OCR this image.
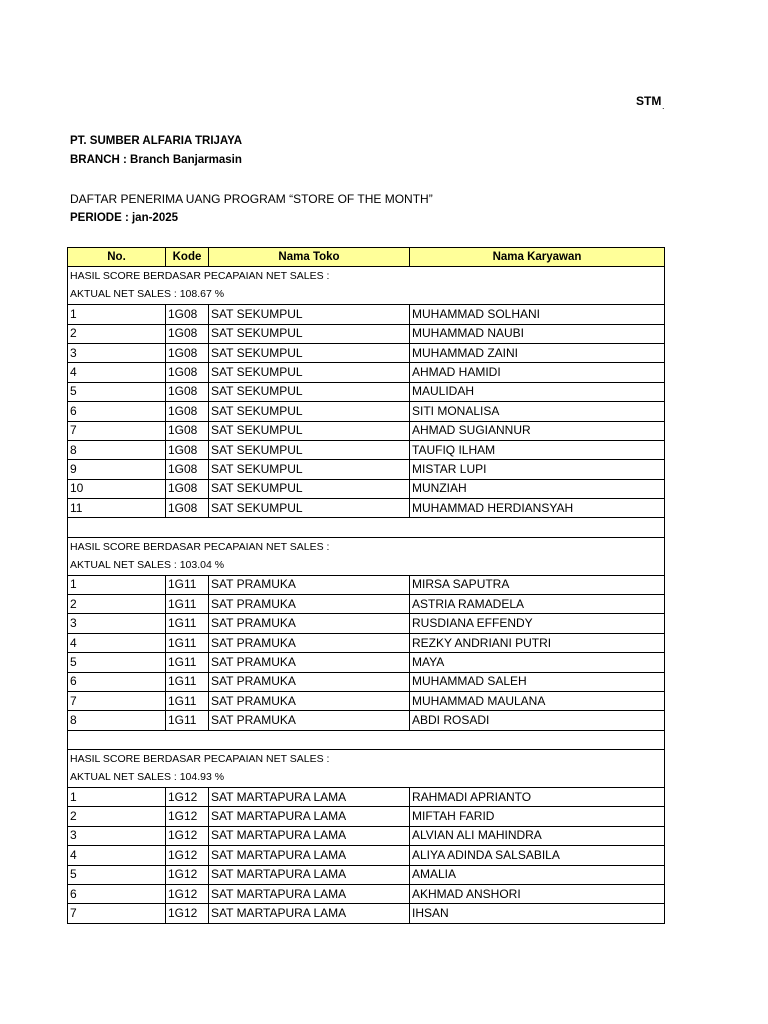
STM .
PT. SUMBER ALFARIA TRIJAYA
BRANCH : Branch Banjarmasin
DAFTAR PENERIMA UANG PROGRAM “STORE OF THE MONTH”
PERIODE : jan-2025
No.	Kode	Nama Toko	Nama Karyawan
HASIL SCORE BERDASAR PECAPAIAN NET SALES :			
AKTUAL NET SALES : 108.67 %			
1	1G08	SAT SEKUMPUL	MUHAMMAD SOLHANI
2	1G08	SAT SEKUMPUL	MUHAMMAD NAUBI
3	1G08	SAT SEKUMPUL	MUHAMMAD ZAINI
4	1G08	SAT SEKUMPUL	AHMAD HAMIDI
5	1G08	SAT SEKUMPUL	MAULIDAH
6	1G08	SAT SEKUMPUL	SITI MONALISA
7	1G08	SAT SEKUMPUL	AHMAD SUGIANNUR
8	1G08	SAT SEKUMPUL	TAUFIQ ILHAM
9	1G08	SAT SEKUMPUL	MISTAR LUPI
10	1G08	SAT SEKUMPUL	MUNZIAH
11	1G08	SAT SEKUMPUL	MUHAMMAD HERDIANSYAH

HASIL SCORE BERDASAR PECAPAIAN NET SALES :			
AKTUAL NET SALES : 103.04 %			
1	1G11	SAT PRAMUKA	MIRSA SAPUTRA
2	1G11	SAT PRAMUKA	ASTRIA RAMADELA
3	1G11	SAT PRAMUKA	RUSDIANA EFFENDY
4	1G11	SAT PRAMUKA	REZKY ANDRIANI PUTRI
5	1G11	SAT PRAMUKA	MAYA
6	1G11	SAT PRAMUKA	MUHAMMAD SALEH
7	1G11	SAT PRAMUKA	MUHAMMAD MAULANA
8	1G11	SAT PRAMUKA	ABDI ROSADI

HASIL SCORE BERDASAR PECAPAIAN NET SALES :			
AKTUAL NET SALES : 104.93 %			
1	1G12	SAT MARTAPURA LAMA	RAHMADI APRIANTO
2	1G12	SAT MARTAPURA LAMA	MIFTAH FARID
3	1G12	SAT MARTAPURA LAMA	ALVIAN ALI MAHINDRA
4	1G12	SAT MARTAPURA LAMA	ALIYA ADINDA SALSABILA
5	1G12	SAT MARTAPURA LAMA	AMALIA
6	1G12	SAT MARTAPURA LAMA	AKHMAD ANSHORI
7	1G12	SAT MARTAPURA LAMA	IHSAN
